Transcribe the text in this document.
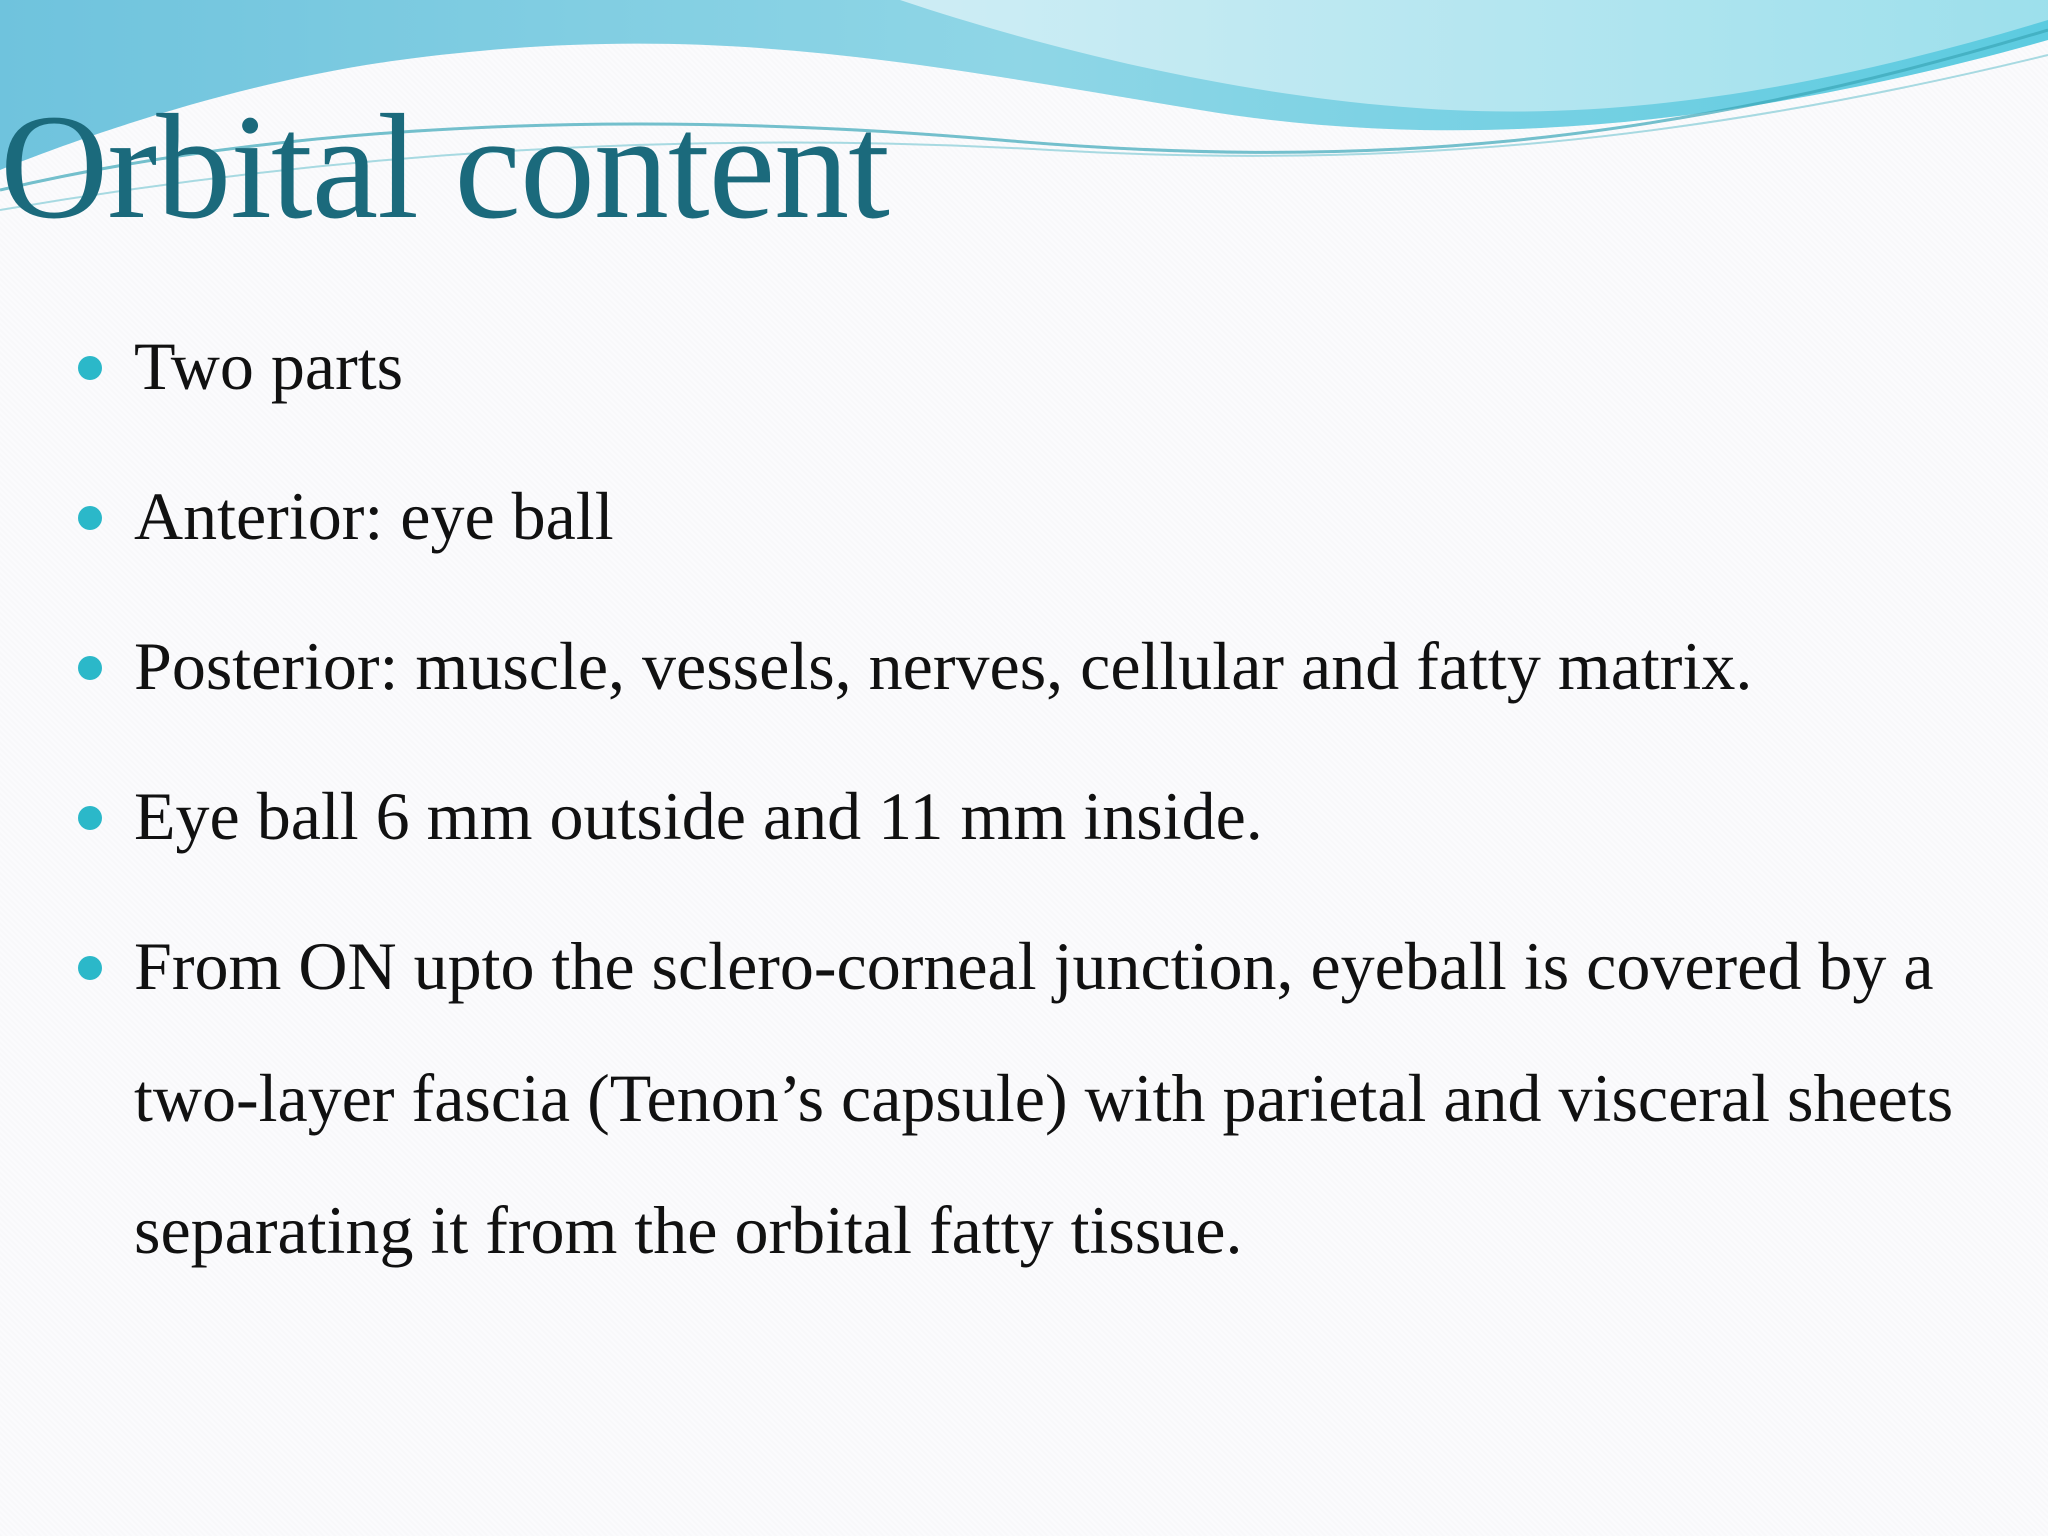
Orbital content
Two parts
Anterior: eye ball
Posterior: muscle, vessels, nerves, cellular and fatty matrix.
Eye ball 6 mm outside and 11 mm inside.
From ON upto the sclero-corneal junction, eyeball is covered by a two-layer fascia (Tenon’s capsule) with parietal and visceral sheets separating it from the orbital fatty tissue.
